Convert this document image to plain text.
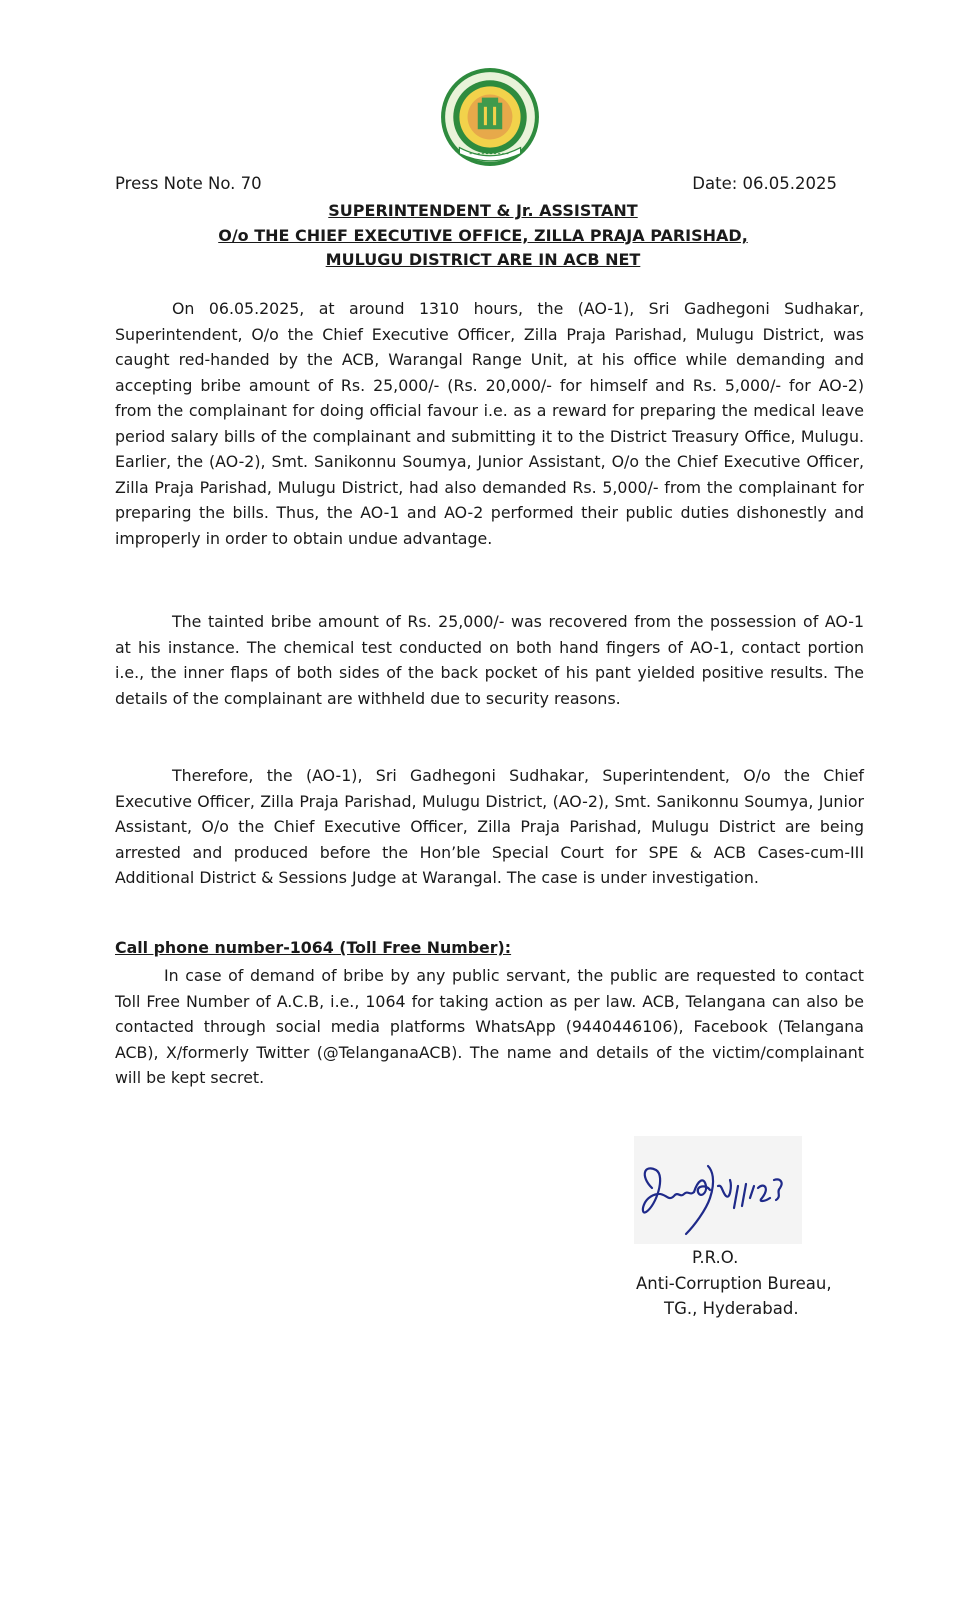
Press Note No. 70	Date: 06.05.2025
SUPERINTENDENT & Jr. ASSISTANT
O/o THE CHIEF EXECUTIVE OFFICE, ZILLA PRAJA PARISHAD,
MULUGU DISTRICT ARE IN ACB NET

On 06.05.2025, at around 1310 hours, the (AO-1), Sri Gadhegoni Sudhakar, Superintendent, O/o the Chief Executive Officer, Zilla Praja Parishad, Mulugu District, was caught red-handed by the ACB, Warangal Range Unit, at his office while demanding and accepting bribe amount of Rs. 25,000/- (Rs. 20,000/- for himself and Rs. 5,000/- for AO-2) from the complainant for doing official favour i.e. as a reward for preparing the medical leave period salary bills of the complainant and submitting it to the District Treasury Office, Mulugu. Earlier, the (AO-2), Smt. Sanikonnu Soumya, Junior Assistant, O/o the Chief Executive Officer, Zilla Praja Parishad, Mulugu District, had also demanded Rs. 5,000/- from the complainant for preparing the bills. Thus, the AO-1 and AO-2 performed their public duties dishonestly and improperly in order to obtain undue advantage.

The tainted bribe amount of Rs. 25,000/- was recovered from the possession of AO-1 at his instance. The chemical test conducted on both hand fingers of AO-1, contact portion i.e., the inner flaps of both sides of the back pocket of his pant yielded positive results. The details of the complainant are withheld due to security reasons.

Therefore, the (AO-1), Sri Gadhegoni Sudhakar, Superintendent, O/o the Chief Executive Officer, Zilla Praja Parishad, Mulugu District, (AO-2), Smt. Sanikonnu Soumya, Junior Assistant, O/o the Chief Executive Officer, Zilla Praja Parishad, Mulugu District are being arrested and produced before the Hon’ble Special Court for SPE & ACB Cases-cum-III Additional District & Sessions Judge at Warangal. The case is under investigation.

Call phone number-1064 (Toll Free Number):

In case of demand of bribe by any public servant, the public are requested to contact Toll Free Number of A.C.B, i.e., 1064 for taking action as per law. ACB, Telangana can also be contacted through social media platforms WhatsApp (9440446106), Facebook (Telangana ACB), X/formerly Twitter (@TelanganaACB). The name and details of the victim/complainant will be kept secret.

P.R.O.
Anti-Corruption Bureau,
TG., Hyderabad.
